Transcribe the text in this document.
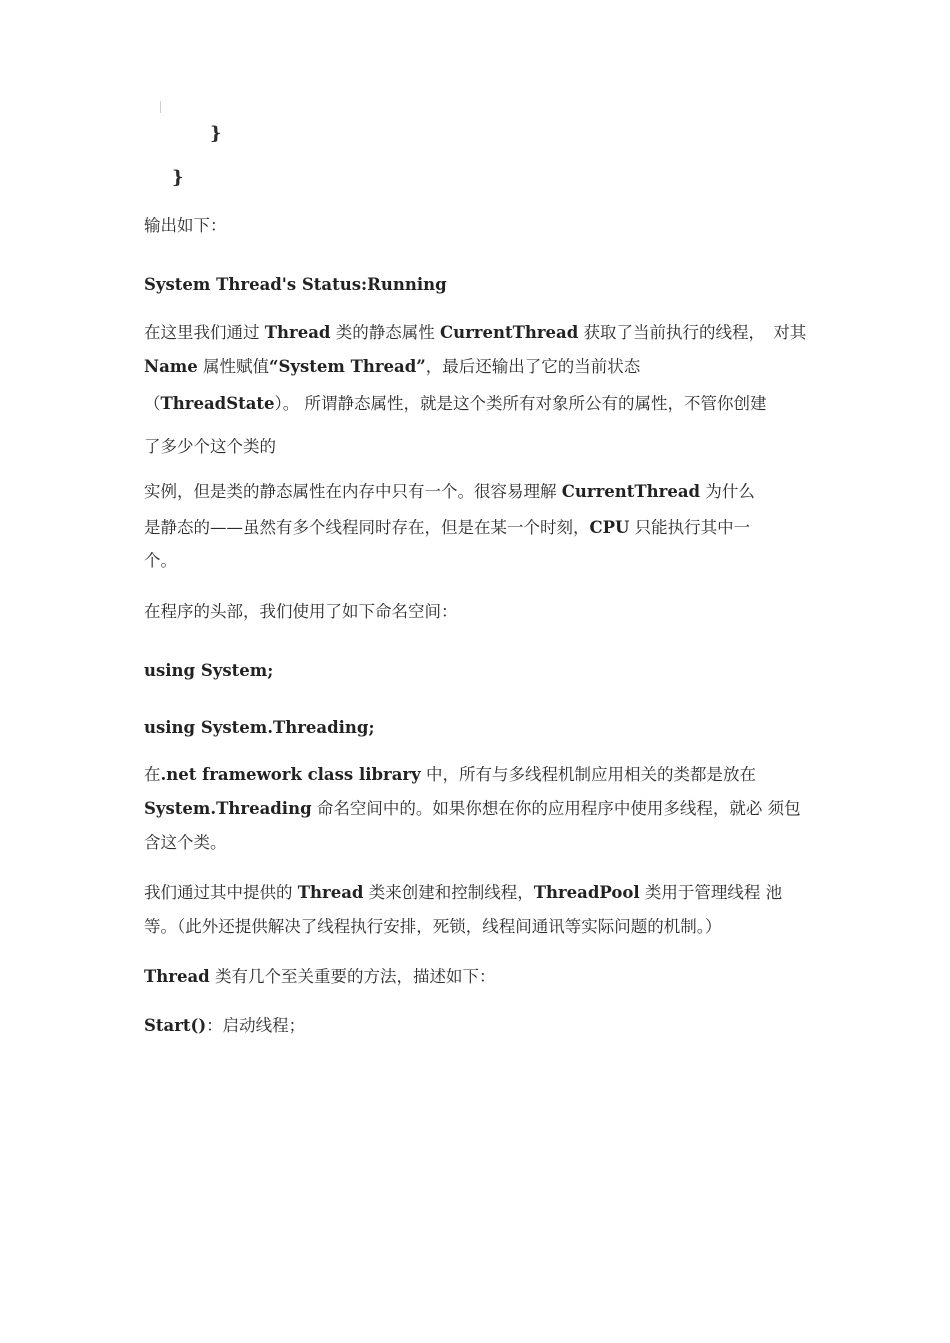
}
}

输出如下：

System Thread's Status:Running

在这里我们通过 Thread 类的静态属性 CurrentThread 获取了当前执行的线程，　对其

Name 属性赋值“System Thread”，最后还输出了它的当前状态

（ThreadState）。 所谓静态属性，就是这个类所有对象所公有的属性，不管你创建

了多少个这个类的

实例，但是类的静态属性在内存中只有一个。很容易理解 CurrentThread 为什么

是静态的——虽然有多个线程同时存在，但是在某一个时刻，CPU 只能执行其中一

个。

在程序的头部，我们使用了如下命名空间：

using System;

using System.Threading;

在.net framework class library 中，所有与多线程机制应用相关的类都是放在

System.Threading 命名空间中的。如果你想在你的应用程序中使用多线程，就必 须包

含这个类。

我们通过其中提供的 Thread 类来创建和控制线程，ThreadPool 类用于管理线程 池

等。（此外还提供解决了线程执行安排，死锁，线程间通讯等实际问题的机制。）

Thread 类有几个至关重要的方法，描述如下：

Start()：启动线程；
